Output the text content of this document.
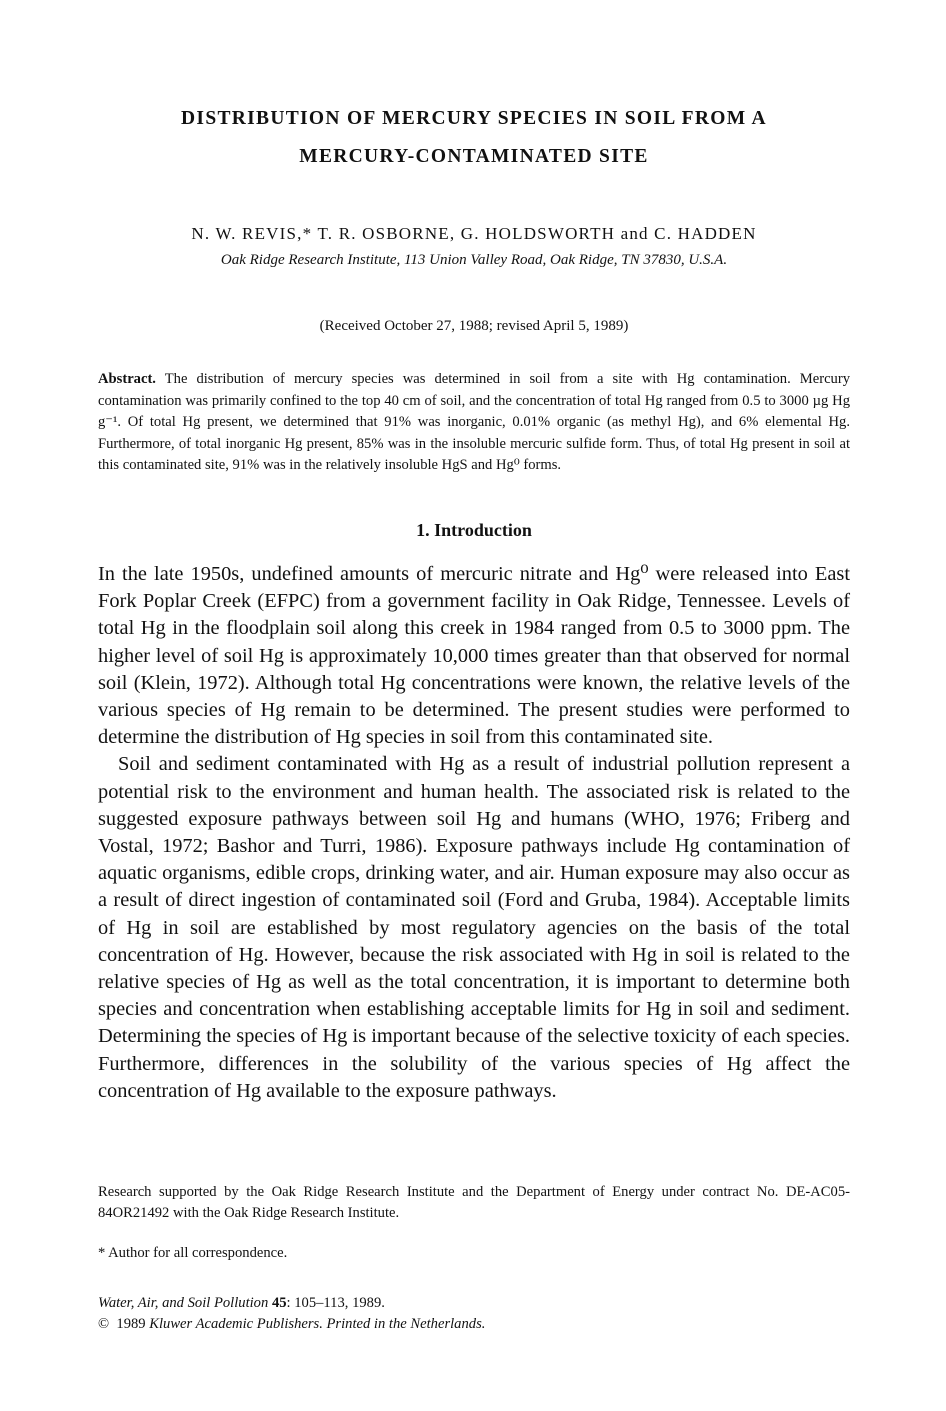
DISTRIBUTION OF MERCURY SPECIES IN SOIL FROM A
MERCURY-CONTAMINATED SITE
N. W. REVIS,* T. R. OSBORNE, G. HOLDSWORTH and C. HADDEN
Oak Ridge Research Institute, 113 Union Valley Road, Oak Ridge, TN 37830, U.S.A.
(Received October 27, 1988; revised April 5, 1989)
Abstract. The distribution of mercury species was determined in soil from a site with Hg contamination. Mercury contamination was primarily confined to the top 40 cm of soil, and the concentration of total Hg ranged from 0.5 to 3000 µg Hg g⁻¹. Of total Hg present, we determined that 91% was inorganic, 0.01% organic (as methyl Hg), and 6% elemental Hg. Furthermore, of total inorganic Hg present, 85% was in the insoluble mercuric sulfide form. Thus, of total Hg present in soil at this contaminated site, 91% was in the relatively insoluble HgS and Hg⁰ forms.
1. Introduction

In the late 1950s, undefined amounts of mercuric nitrate and Hg⁰ were released into East Fork Poplar Creek (EFPC) from a government facility in Oak Ridge, Tennessee. Levels of total Hg in the floodplain soil along this creek in 1984 ranged from 0.5 to 3000 ppm. The higher level of soil Hg is approximately 10,000 times greater than that observed for normal soil (Klein, 1972). Although total Hg concentrations were known, the relative levels of the various species of Hg remain to be determined. The present studies were performed to determine the distribution of Hg species in soil from this contaminated site.

Soil and sediment contaminated with Hg as a result of industrial pollution represent a potential risk to the environment and human health. The associated risk is related to the suggested exposure pathways between soil Hg and humans (WHO, 1976; Friberg and Vostal, 1972; Bashor and Turri, 1986). Exposure pathways include Hg contamination of aquatic organisms, edible crops, drinking water, and air. Human exposure may also occur as a result of direct ingestion of contaminated soil (Ford and Gruba, 1984). Acceptable limits of Hg in soil are established by most regulatory agencies on the basis of the total concentration of Hg. However, because the risk associated with Hg in soil is related to the relative species of Hg as well as the total concentration, it is important to determine both species and concentration when establishing acceptable limits for Hg in soil and sediment. Determining the species of Hg is important because of the selective toxicity of each species. Furthermore, differences in the solubility of the various species of Hg affect the concentration of Hg available to the exposure pathways.

Research supported by the Oak Ridge Research Institute and the Department of Energy under contract No. DE-AC05-84OR21492 with the Oak Ridge Research Institute.
* Author for all correspondence.
Water, Air, and Soil Pollution 45: 105–113, 1989.
© 1989 Kluwer Academic Publishers. Printed in the Netherlands.
